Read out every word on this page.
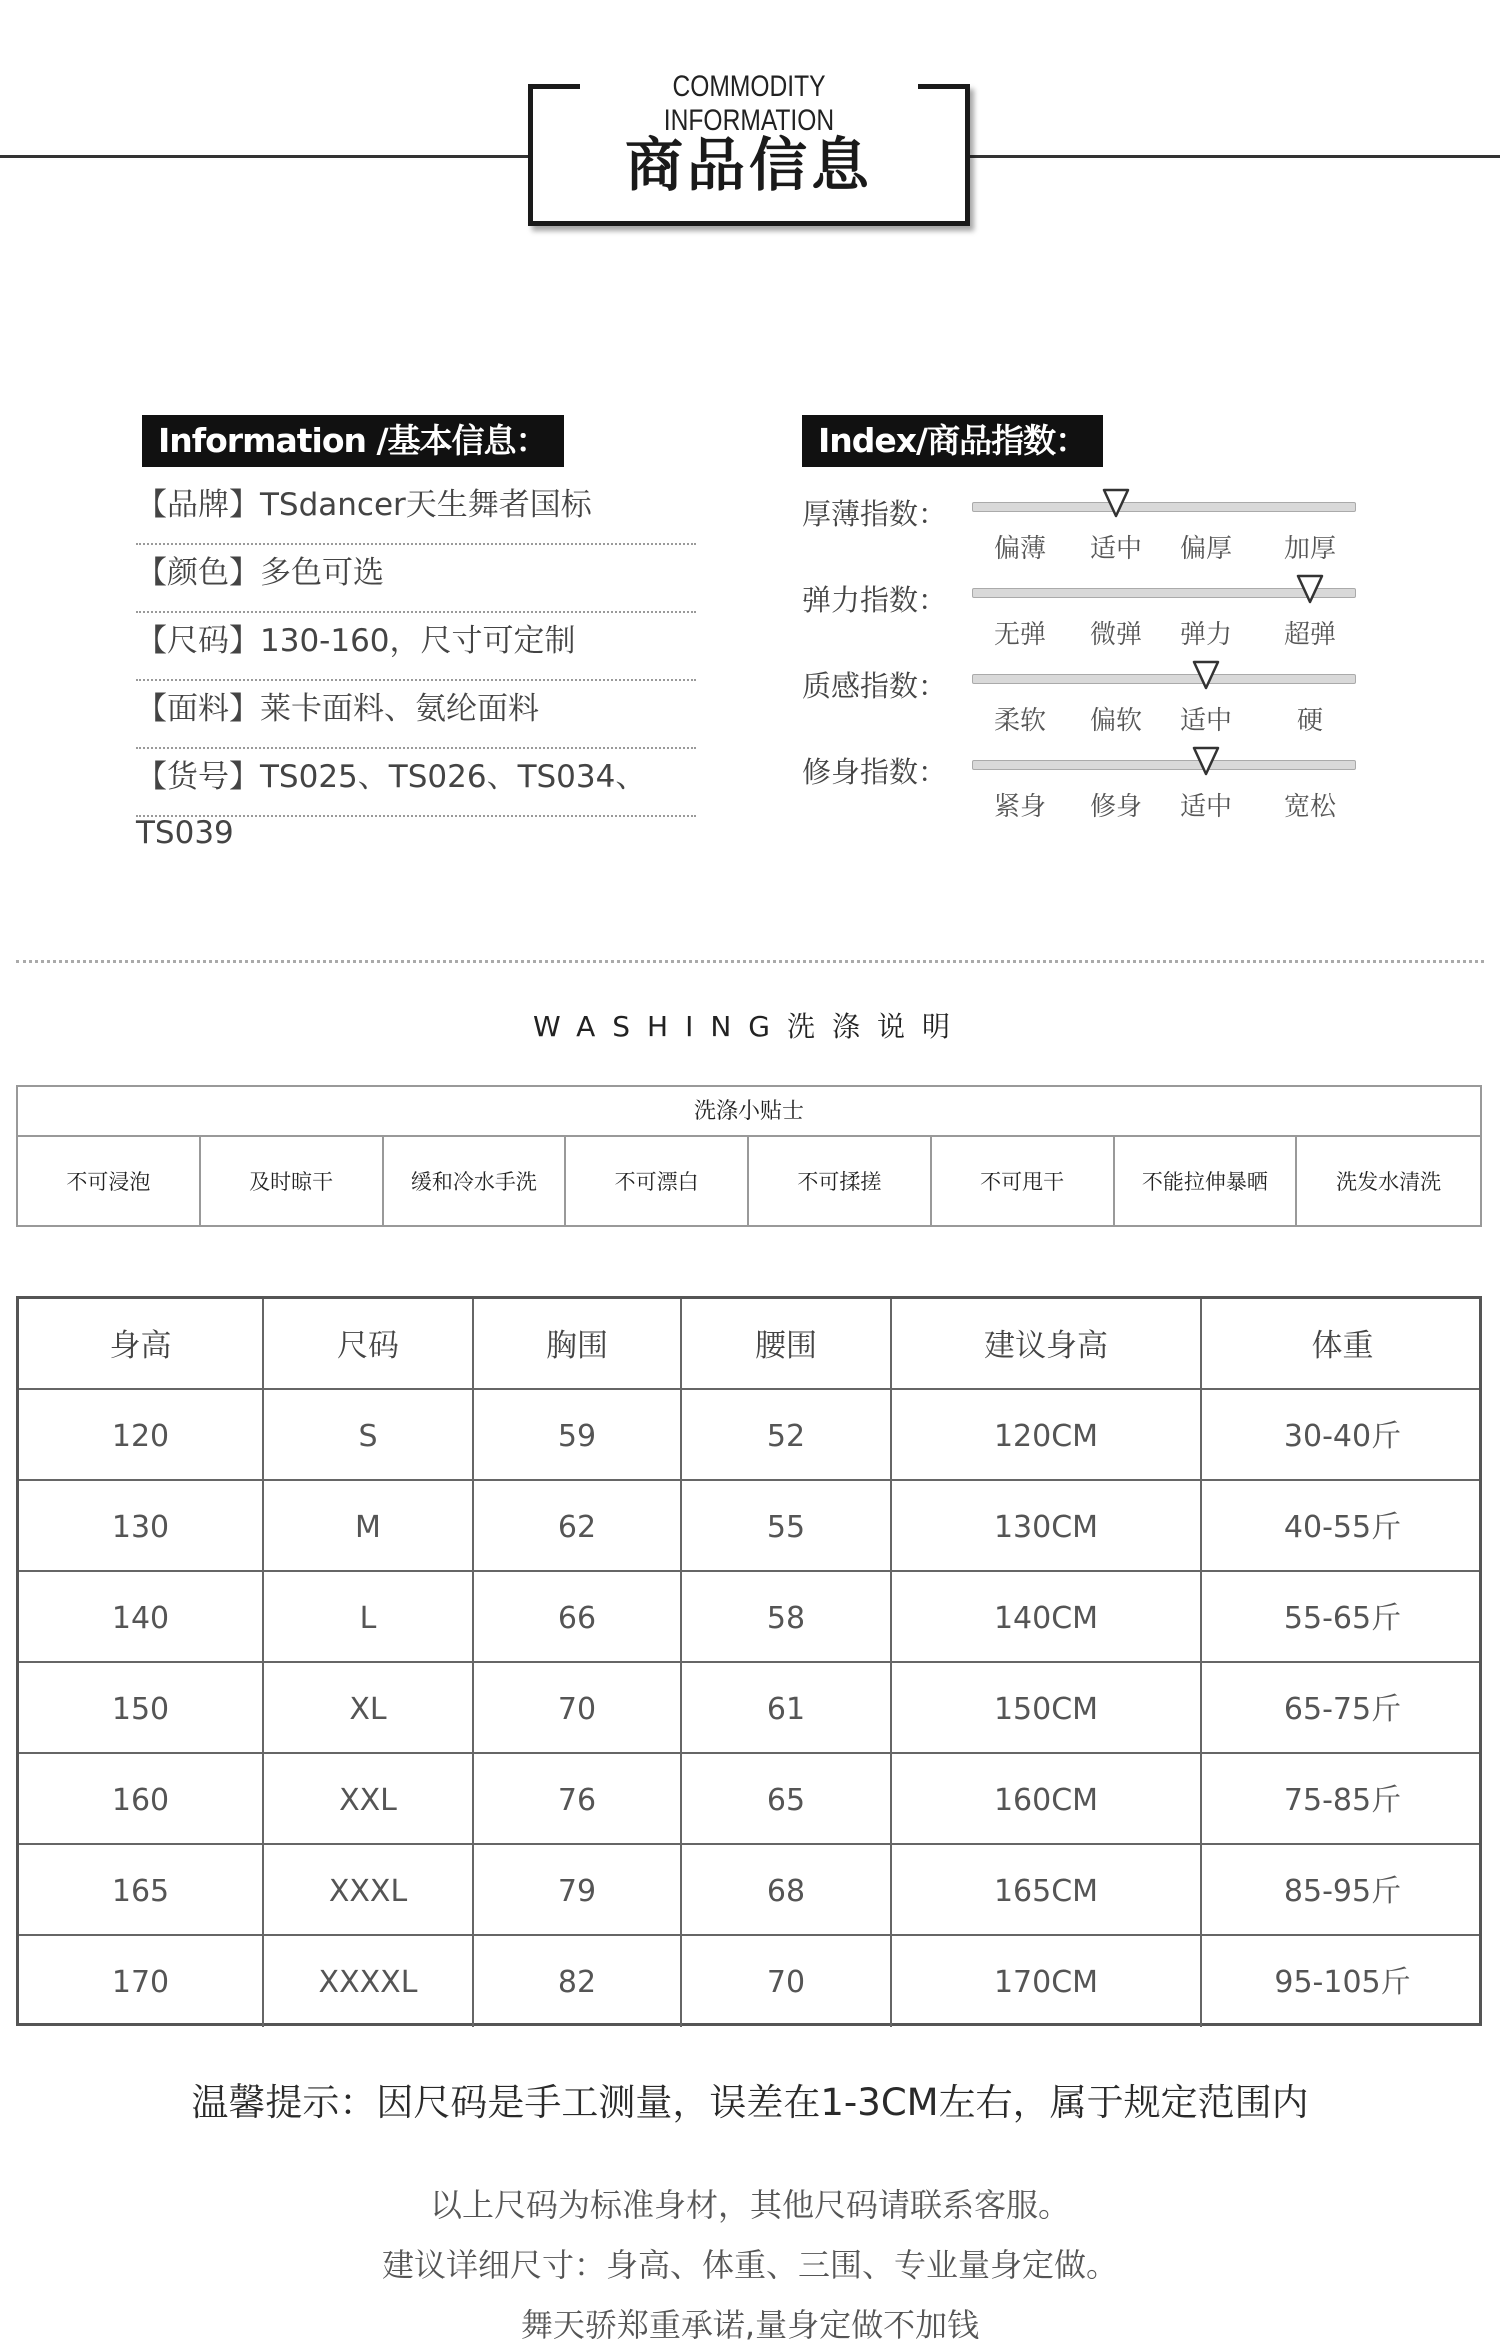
COMMODITY INFORMATION
商品信息
Information /基本信息：
【品牌】TSdancer天生舞者国标
【颜色】多色可选
【尺码】130-160，尺寸可定制
【面料】莱卡面料、氨纶面料
【货号】TS025、TS026、TS034、TS039
Index/商品指数：
厚薄指数：
偏薄	适中	偏厚	加厚
弹力指数：
无弹	微弹	弹力	超弹
质感指数：
柔软	偏软	适中	硬
修身指数：
紧身	修身	适中	宽松
WASHING洗涤说明
洗涤小贴士
不可浸泡	及时晾干	缓和冷水手洗	不可漂白	不可揉搓	不可甩干	不能拉伸暴晒	洗发水清洗
身高	尺码	胸围	腰围	建议身高	体重
120	S	59	52	120CM	30-40斤
130	M	62	55	130CM	40-55斤
140	L	66	58	140CM	55-65斤
150	XL	70	61	150CM	65-75斤
160	XXL	76	65	160CM	75-85斤
165	XXXL	79	68	165CM	85-95斤
170	XXXXL	82	70	170CM	95-105斤
温馨提示：因尺码是手工测量，误差在1-3CM左右，属于规定范围内
以上尺码为标准身材，其他尺码请联系客服。
建议详细尺寸：身高、体重、三围、专业量身定做。
舞天骄郑重承诺,量身定做不加钱
